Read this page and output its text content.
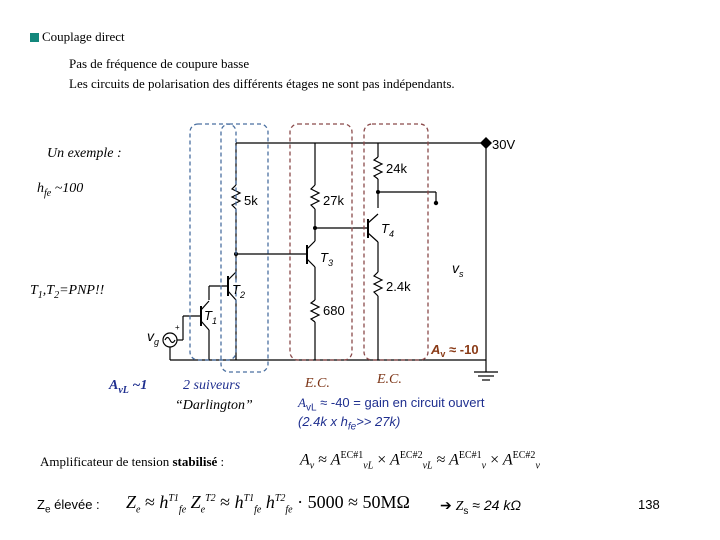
Couplage direct
Pas de fréquence de coupure basse
Les circuits de polarisation des différents étages ne sont pas indépendants.
Un exemple :
$h_{fe}$ ~100
$T_1,T_2=PNP$!!
30V
24k
5k	27k
2.4k
680
$T_4$
$T_3$
$T_2$
$T_1$
$v_g$
+
$v_s$
$A_v \approx -10$
$A_{vL}$ ~1	2 suiveurs
“Darlington”
E.C.	E.C.
$A_{vL} \approx -40$ = gain en circuit ouvert
(2.4k x $h_{fe}>> 27k$)
Amplificateur de tension stabilisé :	$A_v \approx A^{EC\#1}_{vL} \times A^{EC\#2}_{vL} \approx A^{EC\#1}_v \times A^{EC\#2}_v$
$Z_e$ élevée : $Z_e \approx h^{T1}_{fe}$ $Z_e^{T2} \approx h^{T1}_{fe}$ $h^{T2}_{fe} \cdot 5000 \approx 50M\Omega$ ➔ $Z_s \approx 24$ kΩ	138
